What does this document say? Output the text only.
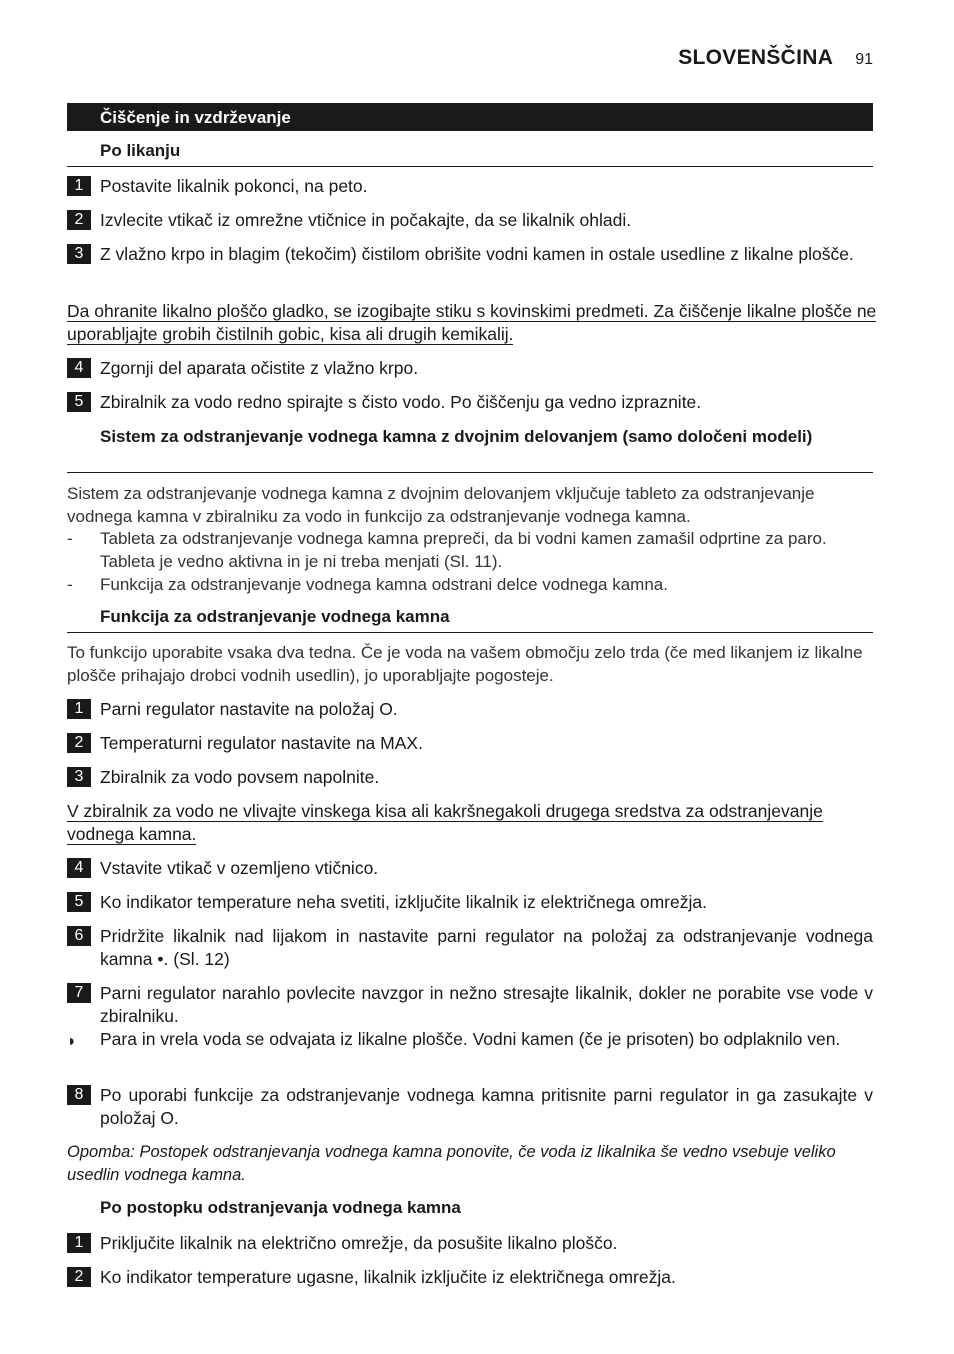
SLOVENŠČINA 91
Čiščenje in vzdrževanje
Po likanju
1 Postavite likalnik pokonci, na peto.
2 Izvlecite vtikač iz omrežne vtičnice in počakajte, da se likalnik ohladi.
3 Z vlažno krpo in blagim (tekočim) čistilom obrišite vodni kamen in ostale usedline z likalne plošče.
Da ohranite likalno ploščo gladko, se izogibajte stiku s kovinskimi predmeti. Za čiščenje likalne plošče ne uporabljajte grobih čistilnih gobic, kisa ali drugih kemikalij.
4 Zgornji del aparata očistite z vlažno krpo.
5 Zbiralnik za vodo redno spirajte s čisto vodo. Po čiščenju ga vedno izpraznite.
Sistem za odstranjevanje vodnega kamna z dvojnim delovanjem (samo določeni modeli)
Sistem za odstranjevanje vodnega kamna z dvojnim delovanjem vključuje tableto za odstranjevanje vodnega kamna v zbiralniku za vodo in funkcijo za odstranjevanje vodnega kamna.
- Tableta za odstranjevanje vodnega kamna prepreči, da bi vodni kamen zamašil odprtine za paro. Tableta je vedno aktivna in je ni treba menjati (Sl. 11).
- Funkcija za odstranjevanje vodnega kamna odstrani delce vodnega kamna.
Funkcija za odstranjevanje vodnega kamna
To funkcijo uporabite vsaka dva tedna. Če je voda na vašem območju zelo trda (če med likanjem iz likalne plošče prihajajo drobci vodnih usedlin), jo uporabljajte pogosteje.
1 Parni regulator nastavite na položaj O.
2 Temperaturni regulator nastavite na MAX.
3 Zbiralnik za vodo povsem napolnite.
V zbiralnik za vodo ne vlivajte vinskega kisa ali kakršnegakoli drugega sredstva za odstranjevanje vodnega kamna.
4 Vstavite vtikač v ozemljeno vtičnico.
5 Ko indikator temperature neha svetiti, izključite likalnik iz električnega omrežja.
6 Pridržite likalnik nad lijakom in nastavite parni regulator na položaj za odstranjevanje vodnega kamna •. (Sl. 12)
7 Parni regulator narahlo povlecite navzgor in nežno stresajte likalnik, dokler ne porabite vse vode v zbiralniku.
◗ Para in vrela voda se odvajata iz likalne plošče. Vodni kamen (če je prisoten) bo odplaknilo ven.
8 Po uporabi funkcije za odstranjevanje vodnega kamna pritisnite parni regulator in ga zasukajte v položaj O.
Opomba: Postopek odstranjevanja vodnega kamna ponovite, če voda iz likalnika še vedno vsebuje veliko usedlin vodnega kamna.
Po postopku odstranjevanja vodnega kamna
1 Priključite likalnik na električno omrežje, da posušite likalno ploščo.
2 Ko indikator temperature ugasne, likalnik izključite iz električnega omrežja.
